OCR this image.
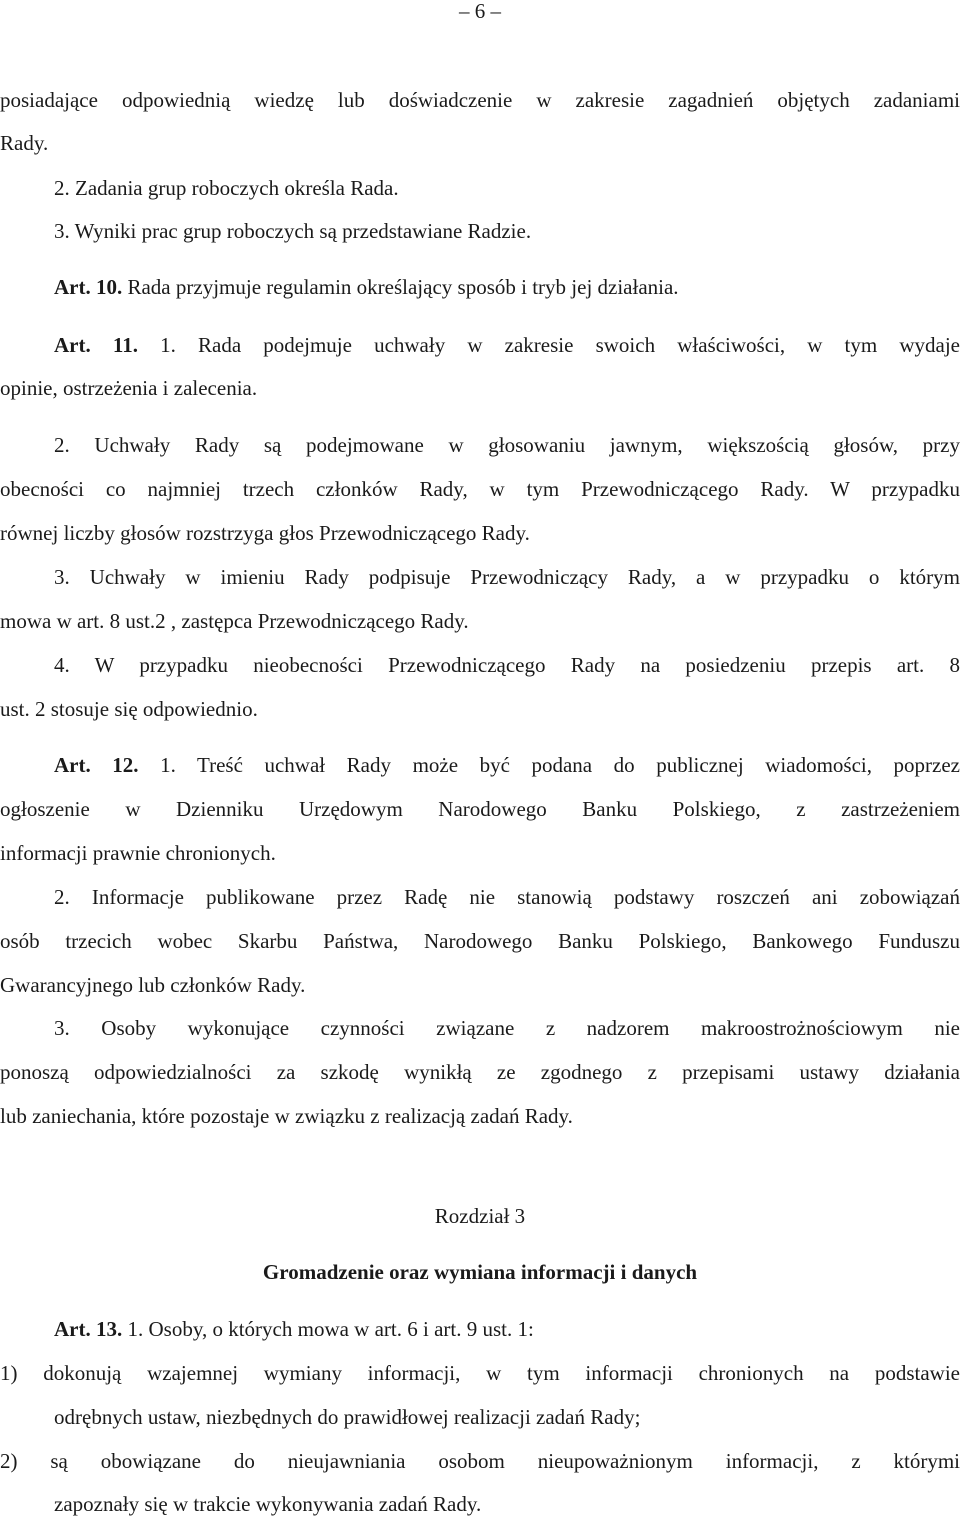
– 6 –
posiadające odpowiednią wiedzę lub doświadczenie w zakresie zagadnień objętych zadaniami
Rady.
2. Zadania grup roboczych określa Rada.
3. Wyniki prac grup roboczych są przedstawiane Radzie.
Art. 10. Rada przyjmuje regulamin określający sposób i tryb jej działania.
Art. 11. 1. Rada podejmuje uchwały w zakresie swoich właściwości, w tym wydaje
opinie, ostrzeżenia i zalecenia.
2. Uchwały Rady są podejmowane w głosowaniu jawnym, większością głosów, przy
obecności co najmniej trzech członków Rady, w tym Przewodniczącego Rady. W przypadku
równej liczby głosów rozstrzyga głos Przewodniczącego Rady.
3. Uchwały w imieniu Rady podpisuje Przewodniczący Rady, a w przypadku o którym
mowa w art. 8 ust.2 , zastępca Przewodniczącego Rady.
4. W przypadku nieobecności Przewodniczącego Rady na posiedzeniu przepis art. 8
ust. 2 stosuje się odpowiednio.
Art. 12. 1. Treść uchwał Rady może być podana do publicznej wiadomości, poprzez
ogłoszenie w Dzienniku Urzędowym Narodowego Banku Polskiego, z zastrzeżeniem
informacji prawnie chronionych.
2. Informacje publikowane przez Radę nie stanowią podstawy roszczeń ani zobowiązań
osób trzecich wobec Skarbu Państwa, Narodowego Banku Polskiego, Bankowego Funduszu
Gwarancyjnego lub członków Rady.
3. Osoby wykonujące czynności związane z nadzorem makroostrożnościowym nie
ponoszą odpowiedzialności za szkodę wynikłą ze zgodnego z przepisami ustawy działania
lub zaniechania, które pozostaje w związku z realizacją zadań Rady.
Rozdział 3
Gromadzenie oraz wymiana informacji i danych
Art. 13. 1. Osoby, o których mowa w art. 6 i art. 9 ust. 1:
1) dokonują wzajemnej wymiany informacji, w tym informacji chronionych na podstawie
odrębnych ustaw, niezbędnych do prawidłowej realizacji zadań Rady;
2) są obowiązane do nieujawniania osobom nieupoważnionym informacji, z którymi
zapoznały się w trakcie wykonywania zadań Rady.
